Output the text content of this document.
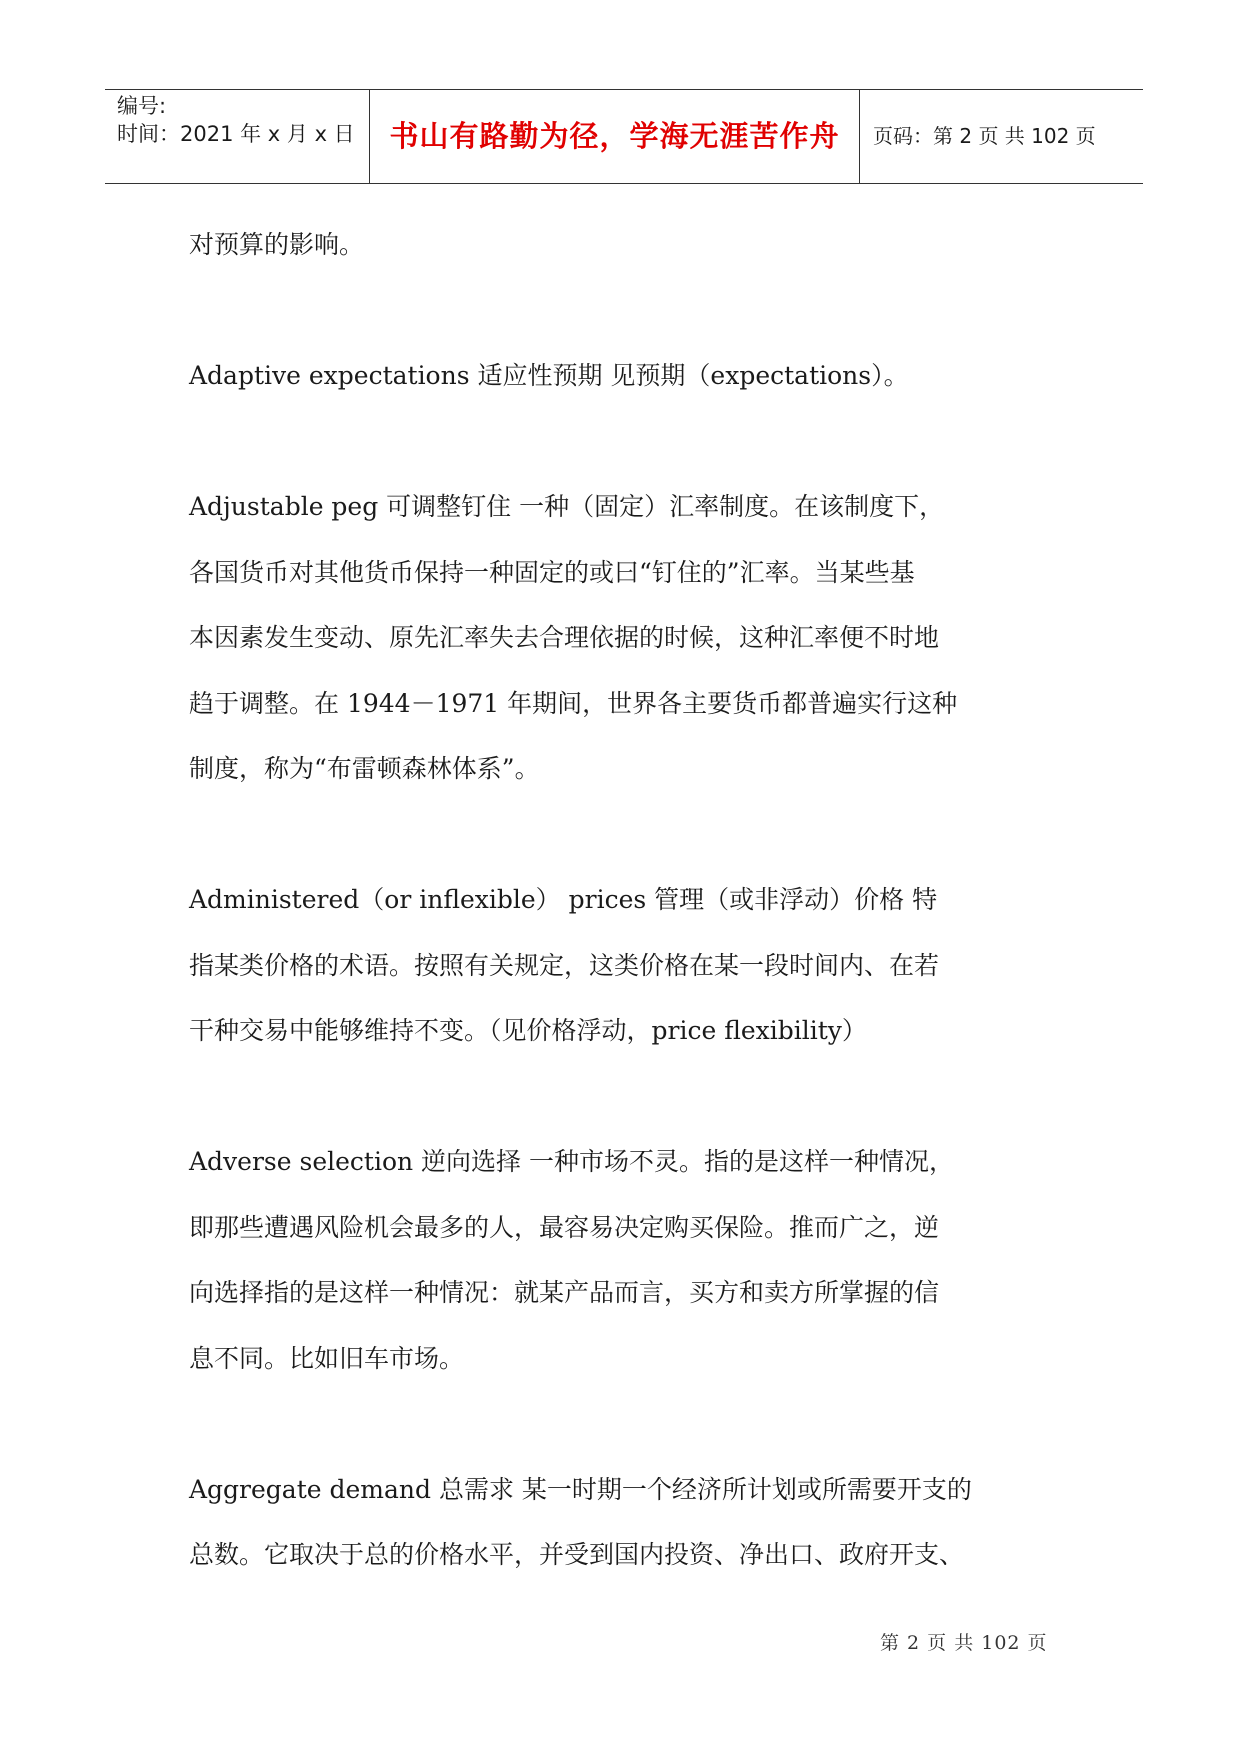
编号:
时间：2021 年 x 月 x 日	书山有路勤为径，学海无涯苦作舟	页码：第 2 页 共 102 页

对预算的影响。

Adaptive expectations 适应性预期 见预期（expectations）。

Adjustable peg 可调整钉住 一种（固定）汇率制度。在该制度下，
各国货币对其他货币保持一种固定的或曰“钉住的”汇率。当某些基
本因素发生变动、原先汇率失去合理依据的时候，这种汇率便不时地
趋于调整。在 1944－1971 年期间，世界各主要货币都普遍实行这种
制度，称为“布雷顿森林体系”。

Administered（or inflexible） prices 管理（或非浮动）价格 特
指某类价格的术语。按照有关规定，这类价格在某一段时间内、在若
干种交易中能够维持不变。（见价格浮动，price flexibility）

Adverse selection 逆向选择 一种市场不灵。指的是这样一种情况，
即那些遭遇风险机会最多的人，最容易决定购买保险。推而广之，逆
向选择指的是这样一种情况：就某产品而言，买方和卖方所掌握的信
息不同。比如旧车市场。

Aggregate demand 总需求 某一时期一个经济所计划或所需要开支的
总数。它取决于总的价格水平，并受到国内投资、净出口、政府开支、

第 2 页 共 102 页
